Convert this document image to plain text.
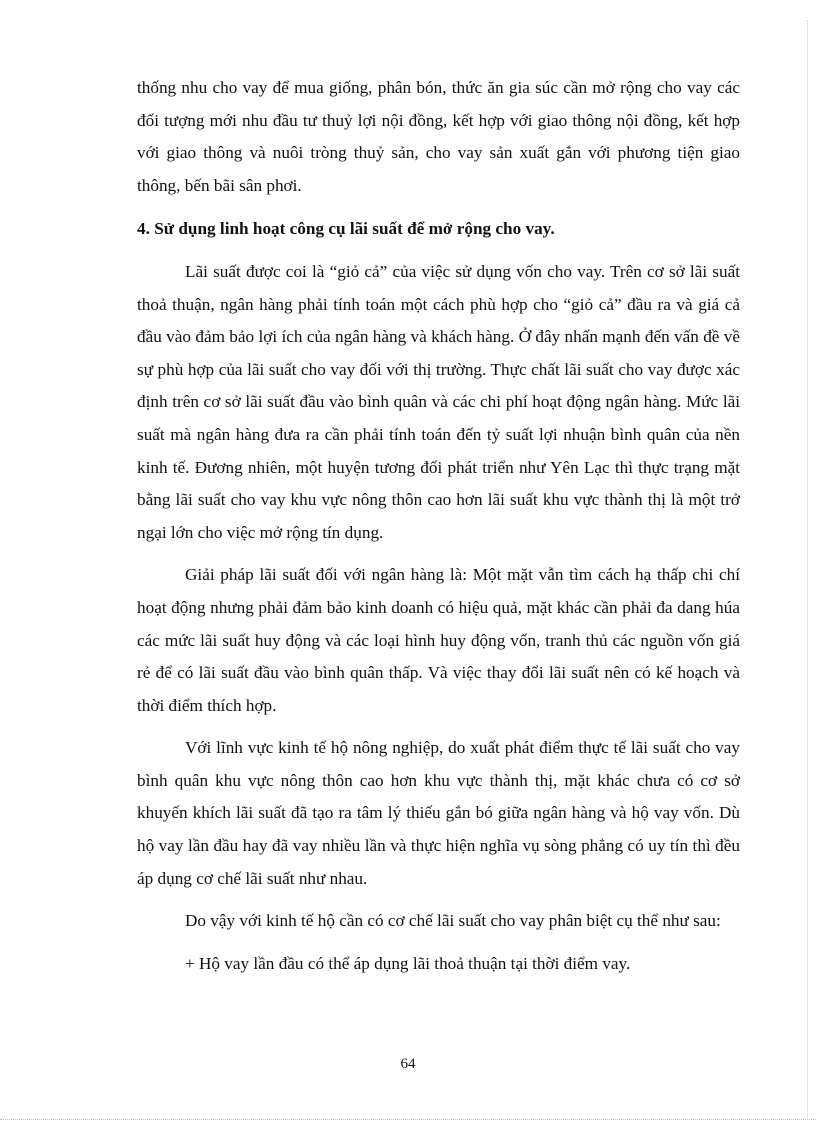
thống nhu cho vay để mua giống, phân bón, thức ăn gia súc cần mở rộng cho vay các đối tượng mới nhu đầu tư thuỷ lợi nội đồng, kết hợp với giao thông nội đồng, kết hợp với giao thông và nuôi tròng thuỷ sản, cho vay sản xuất gắn với phương tiện giao thông, bến bãi sân phơi.

4. Sử dụng linh hoạt công cụ lãi suất để mở rộng cho vay.

Lãi suất được coi là “giỏ cả” của việc sử dụng vốn cho vay. Trên cơ sở lãi suất thoả thuận, ngân hàng phải tính toán một cách phù hợp cho “giỏ cả” đầu ra và giá cả đầu vào đảm bảo lợi ích của ngân hàng và khách hàng. Ở đây nhấn mạnh đến vấn đề về sự phù hợp của lãi suất cho vay đối với thị trường. Thực chất lãi suất cho vay được xác định trên cơ sở lãi suất đầu vào bình quân và các chi phí hoạt động ngân hàng. Mức lãi suất mà ngân hàng đưa ra cần phải tính toán đến tỷ suất lợi nhuận bình quân của nền kinh tế. Đương nhiên, một huyện tương đối phát triển như Yên Lạc thì thực trạng mặt bằng lãi suất cho vay khu vực nông thôn cao hơn lãi suất khu vực thành thị là một trở ngại lớn cho việc mở rộng tín dụng.

Giải pháp lãi suất đối với ngân hàng là: Một mặt vẫn tìm cách hạ thấp chi chí hoạt động nhưng phải đảm bảo kinh doanh có hiệu quả, mặt khác cần phải đa dang húa các mức lãi suất huy động và các loại hình huy động vốn, tranh thủ các nguồn vốn giá rẻ để có lãi suất đầu vào bình quân thấp. Và việc thay đổi lãi suất nên có kế hoạch và thời điểm thích hợp.

Với lĩnh vực kinh tế hộ nông nghiệp, do xuất phát điểm thực tế lãi suất cho vay bình quân khu vực nông thôn cao hơn khu vực thành thị, mặt khác chưa có cơ sở khuyến khích lãi suất đã tạo ra tâm lý thiếu gắn bó giữa ngân hàng và hộ vay vốn. Dù hộ vay lần đầu hay đã vay nhiều lần và thực hiện nghĩa vụ sòng phẳng có uy tín thì đều áp dụng cơ chế lãi suất như nhau.

Do vậy với kinh tế hộ cần có cơ chế lãi suất cho vay phân biệt cụ thể như sau:

+ Hộ vay lần đầu có thể áp dụng lãi thoả thuận tại thời điểm vay.

64
